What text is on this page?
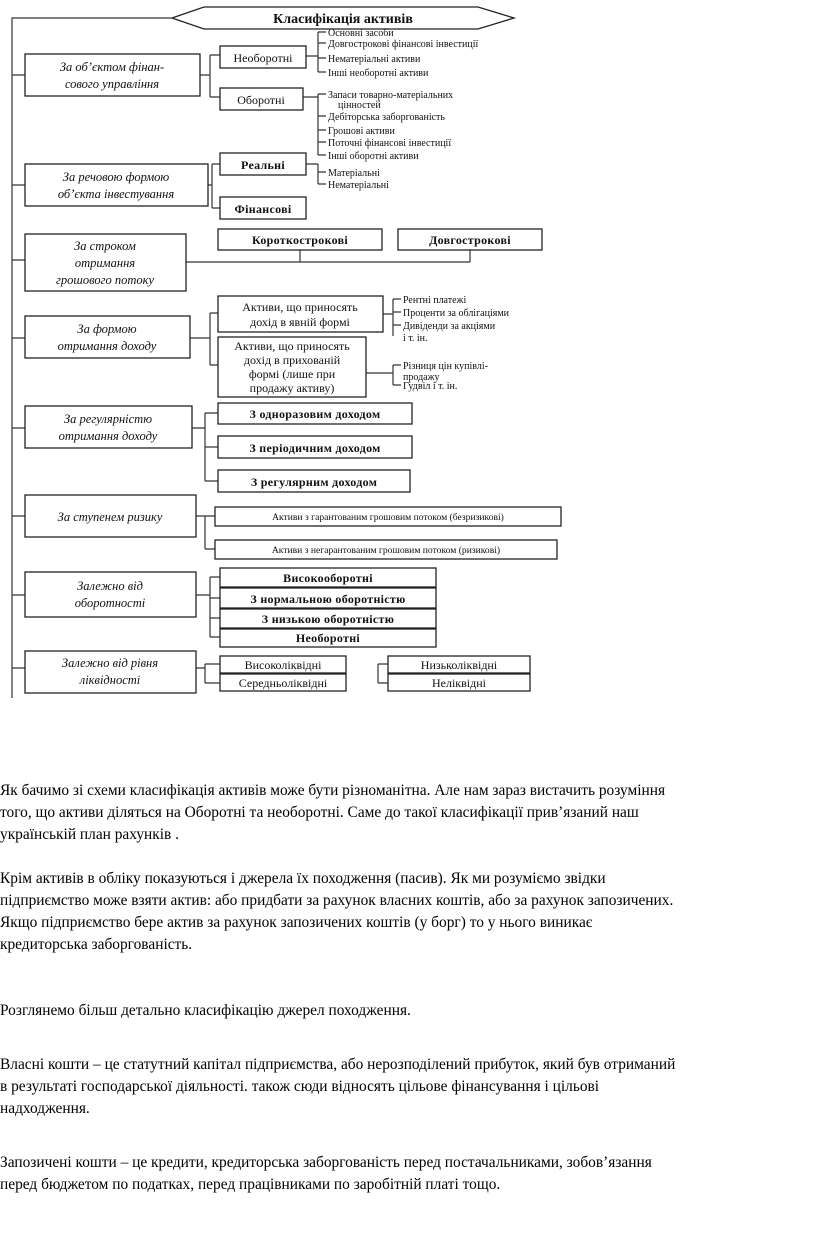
Класифікація активів
За об’єктом фінан-
сового управління
За речовою формою
об’єкта інвестування
За строком
отримання
грошового потоку
За формою
отримання доходу
За регулярністю
отримання доходу
За ступенем ризику
Залежно від
оборотності
Залежно від рівня
ліквідності
Необоротні
Оборотні
Реальні
Фінансові
Короткострокові	Довгострокові
Активи, що приносять
дохід в явній формі
Активи, що приносять
дохід в прихованій
формі (лише при
продажу активу)
З одноразовим доходом
З періодичним доходом
З регулярним доходом
Активи з гарантованим грошовим потоком (безризикові)
Активи з негарантованим грошовим потоком (ризикові)
Високооборотні
З нормальною оборотністю
З низькою оборотністю
Необоротні
Високоліквідні
Середньоліквідні
Низьколіквідні
Неліквідні
Основні засоби
Довгострокові фінансові інвестиції
Нематеріальні активи
Інші необоротні активи
Запаси товарно-матеріальних
цінностей
Дебіторська заборгованість
Грошові активи
Поточні фінансові інвестиції
Інші оборотні активи
Матеріальні
Нематеріальні
Рентні платежі
Проценти за облігаціями
Дивіденди за акціями
і т. ін.
Різниця цін купівлі-
продажу
Гудвіл і т. ін.

Як бачимо зі схеми класифікація активів може бути різноманітна. Але нам зараз вистачить розуміння
того, що активи діляться на Оборотні та необоротні. Саме до такої класифікації прив’язаний наш
українській план рахунків .

Крім активів в обліку показуються і джерела їх походження (пасив). Як ми розуміємо звідки
підприємство може взяти актив: або придбати за рахунок власних коштів, або за рахунок запозичених.
Якщо підприємство бере актив за рахунок запозичених коштів (у борг) то у нього виникає
кредиторська заборгованість.

Розглянемо більш детально класифікацію джерел походження.

Власні кошти – це статутний капітал підприємства, або нерозподілений прибуток, який був отриманий
в результаті господарської діяльності. також сюди відносять цільове фінансування і цільові
надходження.

Запозичені кошти – це кредити, кредиторська заборгованість перед постачальниками, зобов’язання
перед бюджетом по податках, перед працівниками по заробітній платі тощо.
